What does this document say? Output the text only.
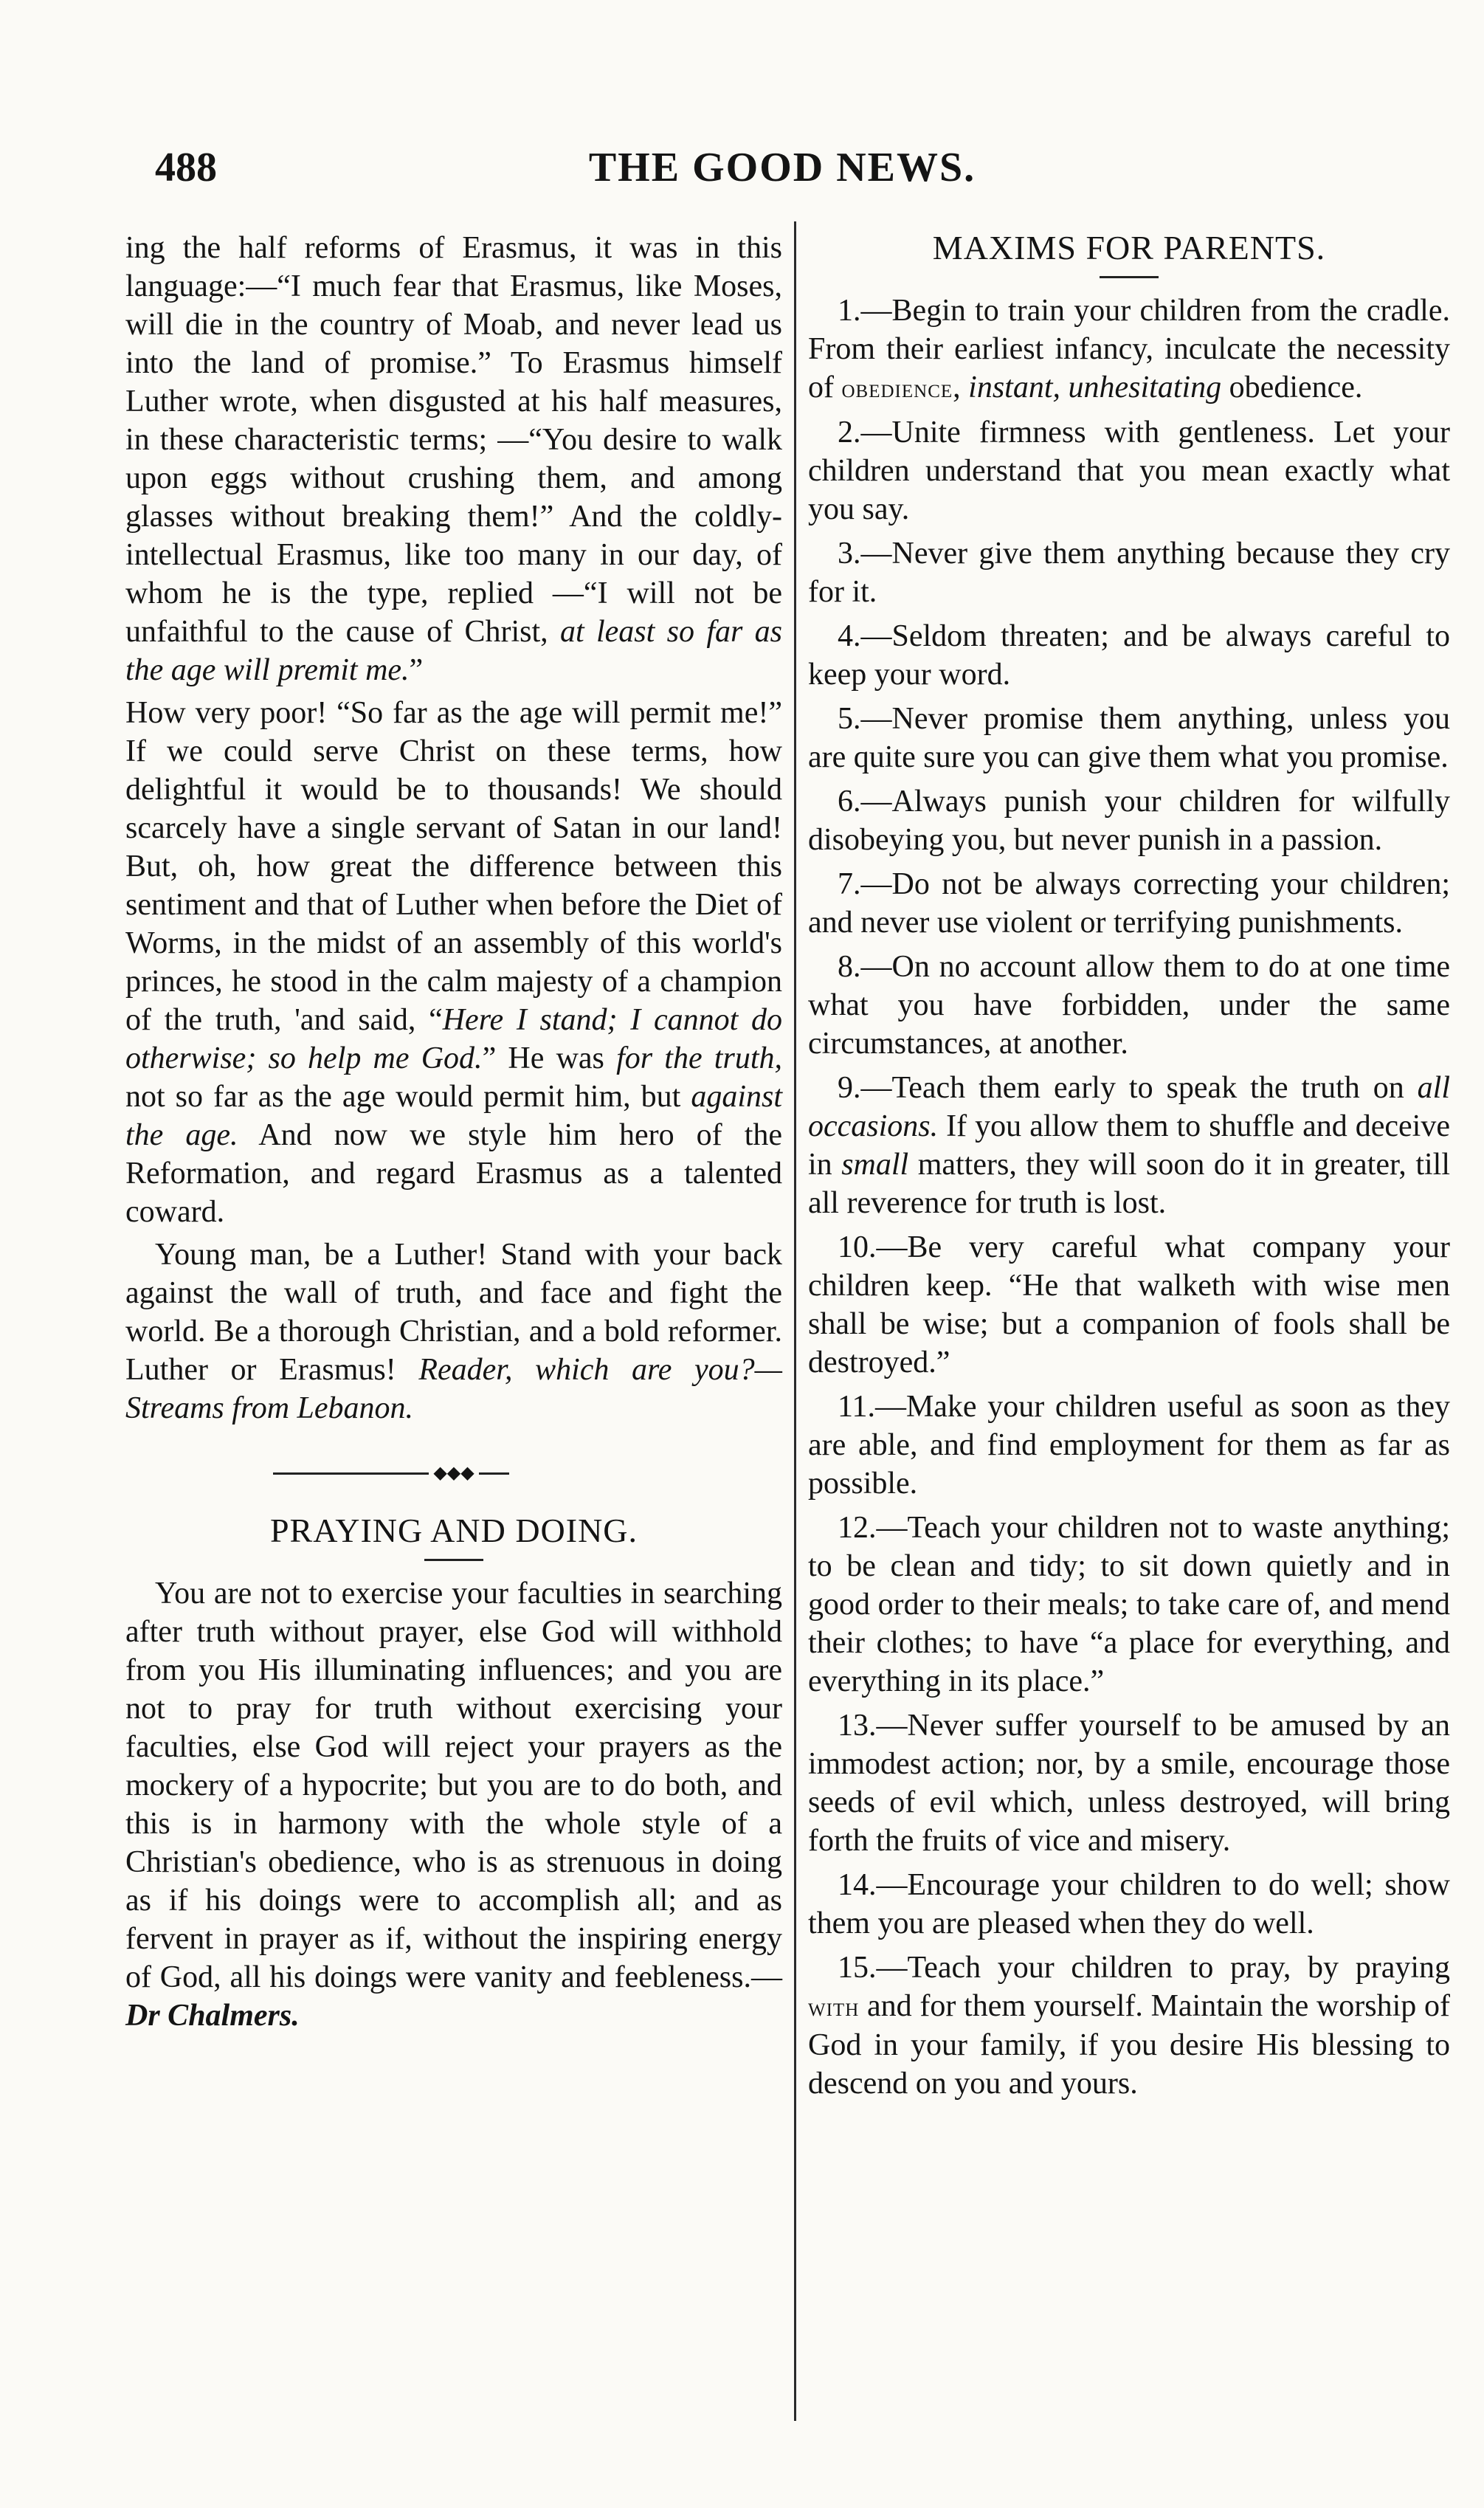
488	THE GOOD NEWS.

ing the half reforms of Erasmus, it was in this language:—“I much fear that Erasmus, like Moses, will die in the country of Moab, and never lead us into the land of promise.” To Erasmus himself Luther wrote, when disgusted at his half measures, in these characteristic terms; —“You desire to walk upon eggs without crushing them, and among glasses without breaking them!” And the coldly-intellectual Erasmus, like too many in our day, of whom he is the type, replied —“I will not be unfaithful to the cause of Christ, at least so far as the age will premit me.”

How very poor! “So far as the age will permit me!” If we could serve Christ on these terms, how delightful it would be to thousands! We should scarcely have a single servant of Satan in our land! But, oh, how great the difference between this sentiment and that of Luther when before the Diet of Worms, in the midst of an assembly of this world's princes, he stood in the calm majesty of a champion of the truth, 'and said, “Here I stand; I cannot do otherwise; so help me God.” He was for the truth, not so far as the age would permit him, but against the age. And now we style him hero of the Reformation, and regard Erasmus as a talented coward.

Young man, be a Luther! Stand with your back against the wall of truth, and face and fight the world. Be a thorough Christian, and a bold reformer. Luther or Erasmus! Reader, which are you?—Streams from Lebanon.

◆◆◆
PRAYING AND DOING.

You are not to exercise your faculties in searching after truth without prayer, else God will withhold from you His illuminating influences; and you are not to pray for truth without exercising your faculties, else God will reject your prayers as the mockery of a hypocrite; but you are to do both, and this is in harmony with the whole style of a Christian's obedience, who is as strenuous in doing as if his doings were to accomplish all; and as fervent in prayer as if, without the inspiring energy of God, all his doings were vanity and feebleness.—Dr Chalmers.

MAXIMS FOR PARENTS.

1.—Begin to train your children from the cradle. From their earliest infancy, inculcate the necessity of obedience, instant, unhesitating obedience.

2.—Unite firmness with gentleness. Let your children understand that you mean exactly what you say.

3.—Never give them anything because they cry for it.

4.—Seldom threaten; and be always careful to keep your word.

5.—Never promise them anything, unless you are quite sure you can give them what you promise.

6.—Always punish your children for wilfully disobeying you, but never punish in a passion.

7.—Do not be always correcting your children; and never use violent or terrifying punishments.

8.—On no account allow them to do at one time what you have forbidden, under the same circumstances, at another.

9.—Teach them early to speak the truth on all occasions. If you allow them to shuffle and deceive in small matters, they will soon do it in greater, till all reverence for truth is lost.

10.—Be very careful what company your children keep. “He that walketh with wise men shall be wise; but a companion of fools shall be destroyed.”

11.—Make your children useful as soon as they are able, and find employment for them as far as possible.

12.—Teach your children not to waste anything; to be clean and tidy; to sit down quietly and in good order to their meals; to take care of, and mend their clothes; to have “a place for everything, and everything in its place.”

13.—Never suffer yourself to be amused by an immodest action; nor, by a smile, encourage those seeds of evil which, unless destroyed, will bring forth the fruits of vice and misery.

14.—Encourage your children to do well; show them you are pleased when they do well.

15.—Teach your children to pray, by praying with and for them yourself. Maintain the worship of God in your family, if you desire His blessing to descend on you and yours.
